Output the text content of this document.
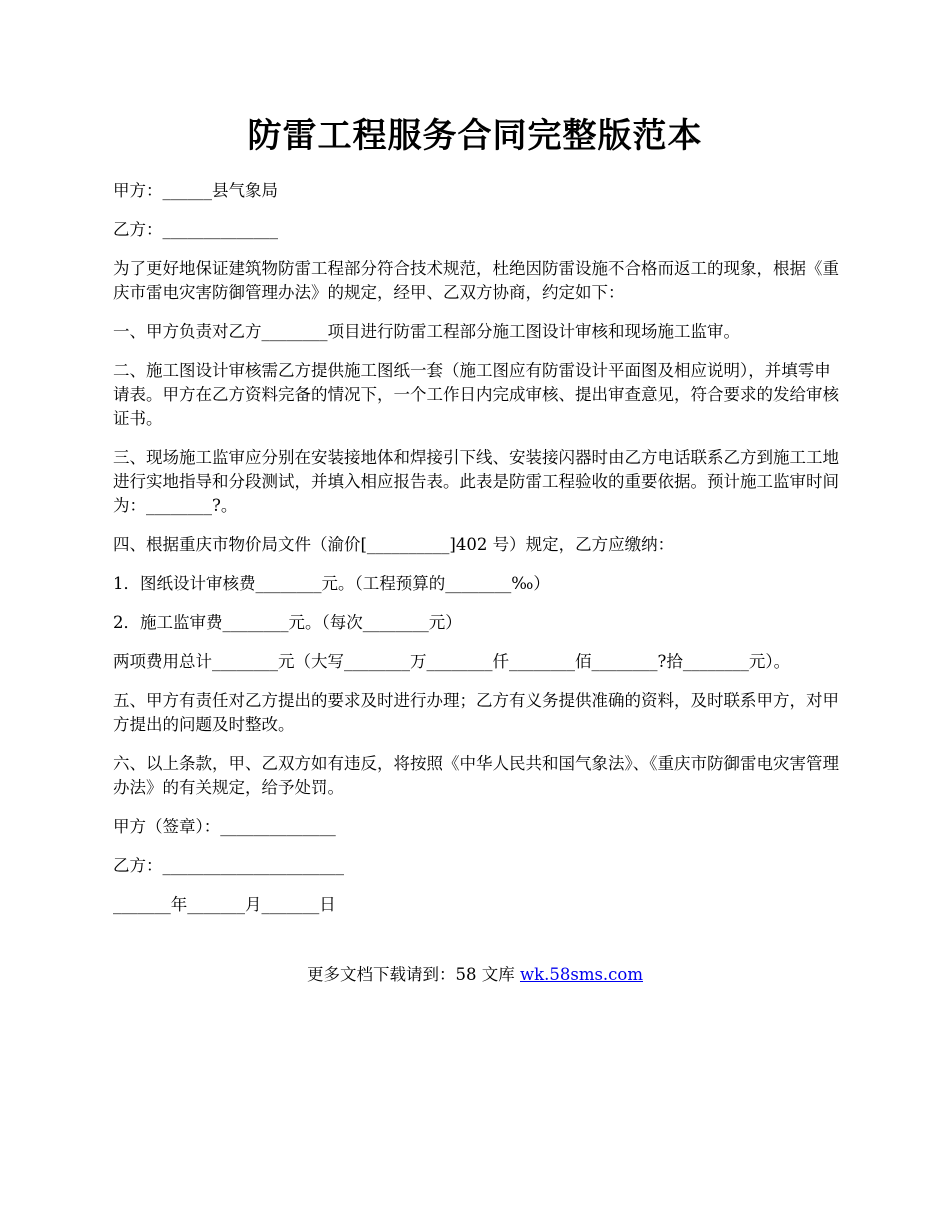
防雷工程服务合同完整版范本

甲方：______县气象局

乙方：______________

为了更好地保证建筑物防雷工程部分符合技术规范，杜绝因防雷设施不合格而返工的现象，根据《重庆市雷电灾害防御管理办法》的规定，经甲、乙双方协商，约定如下：

一、甲方负责对乙方________项目进行防雷工程部分施工图设计审核和现场施工监审。

二、施工图设计审核需乙方提供施工图纸一套（施工图应有防雷设计平面图及相应说明），并填雩申请表。甲方在乙方资料完备的情况下，一个工作日内完成审核、提出审查意见，符合要求的发给审核证书。

三、现场施工监审应分别在安装接地体和焊接引下线、安装接闪器时由乙方电话联系乙方到施工工地进行实地指导和分段测试，并填入相应报告表。此表是防雷工程验收的重要依据。预计施工监审时间为：________?。

四、根据重庆市物价局文件（渝价[__________]402 号）规定，乙方应缴纳：

1．图纸设计审核费________元。（工程预算的________‰）

2．施工监审费________元。（每次________元）

两项费用总计________元（大写________万________仟________佰________?拾________元）。

五、甲方有责任对乙方提出的要求及时进行办理；乙方有义务提供准确的资料，及时联系甲方，对甲方提出的问题及时整改。

六、以上条款，甲、乙双方如有违反，将按照《中华人民共和国气象法》、《重庆市防御雷电灾害管理办法》的有关规定，给予处罚。

甲方（签章）：______________

乙方：______________________

_______年_______月_______日

更多文档下载请到：58 文库 wk.58sms.com
